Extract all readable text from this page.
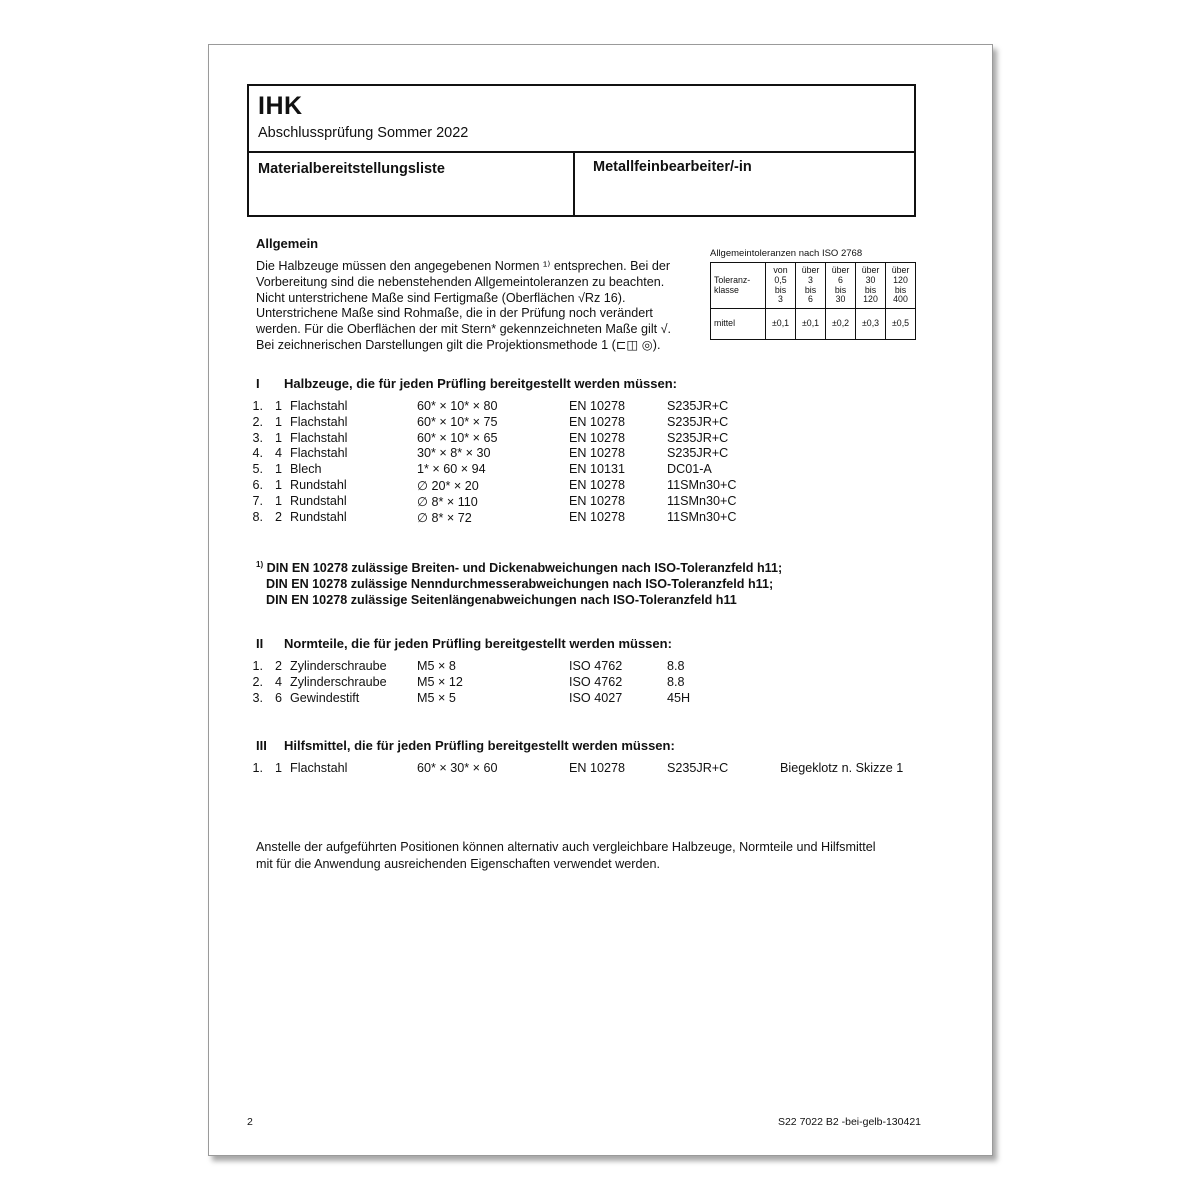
IHK
Abschlussprüfung Sommer 2022
Materialbereitstellungsliste	Metallfeinbearbeiter/-in
Allgemein
Die Halbzeuge müssen den angegebenen Normen ¹⁾ entsprechen. Bei der
Vorbereitung sind die nebenstehenden Allgemeintoleranzen zu beachten.
Nicht unterstrichene Maße sind Fertigmaße (Oberflächen √Rz 16).
Unterstrichene Maße sind Rohmaße, die in der Prüfung noch verändert
werden. Für die Oberflächen der mit Stern* gekennzeichneten Maße gilt √.
Bei zeichnerischen Darstellungen gilt die Projektionsmethode 1 (⊏◫ ◎).
Allgemeintoleranzen nach ISO 2768
Toleranz-
klasse	von
0,5
bis
3	über
3
bis
6	über
6
bis
30	über
30
bis
120	über
120
bis
400
mittel	±0,1	±0,1	±0,2	±0,3	±0,5
I Halbzeuge, die für jeden Prüfling bereitgestellt werden müssen:
1. 1 Flachstahl	60* × 10* × 80	EN 10278	S235JR+C
2. 1 Flachstahl	60* × 10* × 75	EN 10278	S235JR+C
3. 1 Flachstahl	60* × 10* × 65	EN 10278	S235JR+C
4. 4 Flachstahl	30* × 8* × 30	EN 10278	S235JR+C
5. 1 Blech	1* × 60 × 94	EN 10131	DC01-A
6. 1 Rundstahl	∅ 20* × 20	EN 10278	11SMn30+C
7. 1 Rundstahl	∅ 8* × 110	EN 10278	11SMn30+C
8. 2 Rundstahl	∅ 8* × 72	EN 10278	11SMn30+C
$^{1)}$ DIN EN 10278 zulässige Breiten- und Dickenabweichungen nach ISO-Toleranzfeld h11;
DIN EN 10278 zulässige Nenndurchmesserabweichungen nach ISO-Toleranzfeld h11;
DIN EN 10278 zulässige Seitenlängenabweichungen nach ISO-Toleranzfeld h11
II Normteile, die für jeden Prüfling bereitgestellt werden müssen:
1. 2 Zylinderschraube M5 × 8	ISO 4762	8.8
2. 4 Zylinderschraube M5 × 12	ISO 4762	8.8
3. 6 Gewindestift	M5 × 5	ISO 4027	45H
III Hilfsmittel, die für jeden Prüfling bereitgestellt werden müssen:
1. 1 Flachstahl	60* × 30* × 60	EN 10278	S235JR+C	Biegeklotz n. Skizze 1
Anstelle der aufgeführten Positionen können alternativ auch vergleichbare Halbzeuge, Normteile und Hilfsmittel
mit für die Anwendung ausreichenden Eigenschaften verwendet werden.
2	S22 7022 B2 -bei-gelb-130421
